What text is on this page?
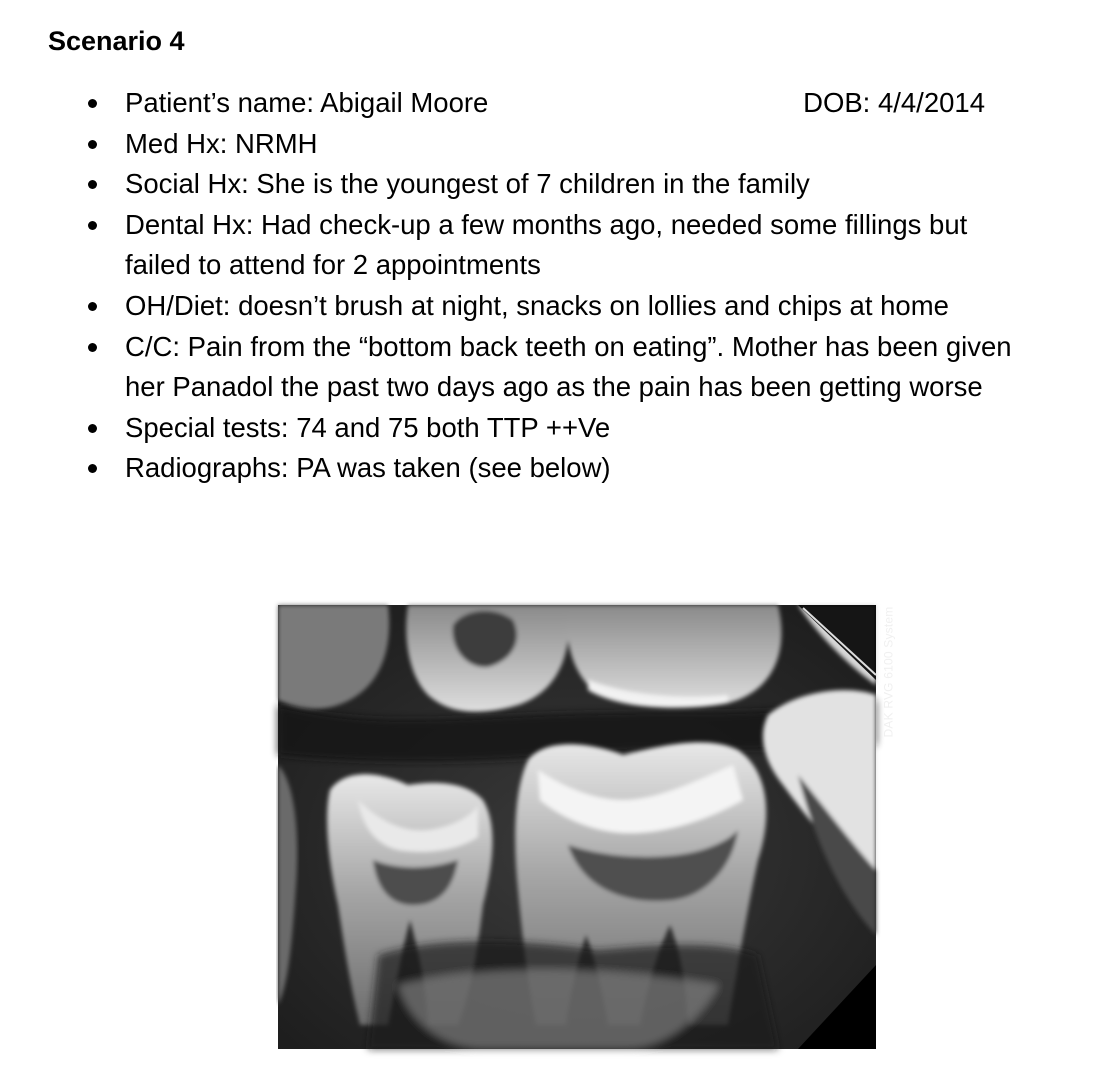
Scenario 4
Patient’s name: Abigail Moore	DOB: 4/4/2014
Med Hx: NRMH
Social Hx: She is the youngest of 7 children in the family
Dental Hx: Had check-up a few months ago, needed some fillings but failed to attend for 2 appointments
OH/Diet: doesn’t brush at night, snacks on lollies and chips at home
C/C: Pain from the “bottom back teeth on eating”. Mother has been given her Panadol the past two days ago as the pain has been getting worse
Special tests: 74 and 75 both TTP ++Ve
Radiographs: PA was taken (see below)
DAK RVG 6100 System
